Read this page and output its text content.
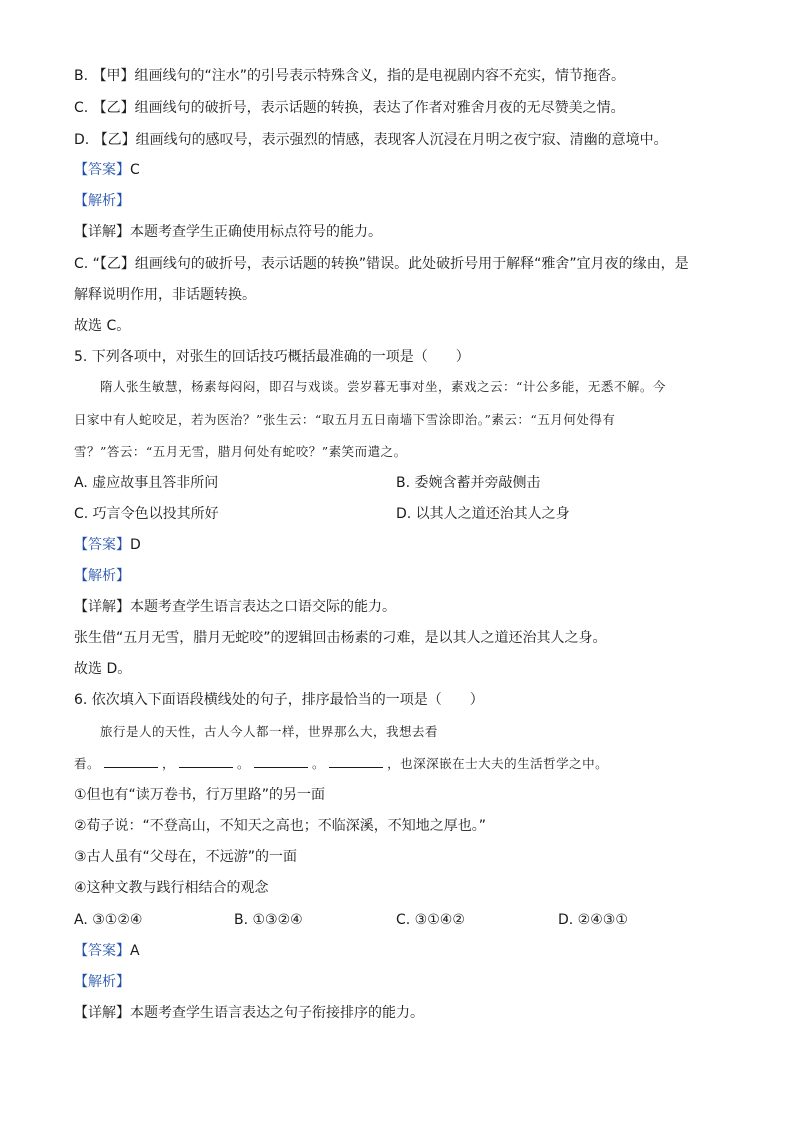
B. 【甲】组画线句的“注水”的引号表示特殊含义，指的是电视剧内容不充实，情节拖沓。
C. 【乙】组画线句的破折号，表示话题的转换，表达了作者对雅舍月夜的无尽赞美之情。
D. 【乙】组画线句的感叹号，表示强烈的情感，表现客人沉浸在月明之夜宁寂、清幽的意境中。
【答案】C
【解析】
【详解】本题考查学生正确使用标点符号的能力。
C. “【乙】组画线句的破折号，表示话题的转换”错误。此处破折号用于解释“雅舍”宜月夜的缘由，是
解释说明作用，非话题转换。
故选 C。
5. 下列各项中，对张生的回话技巧概括最准确的一项是（　　）
隋人张生敏慧，杨素每闷闷，即召与戏谈。尝岁暮无事对坐，素戏之云：“计公多能，无悉不解。今
日家中有人蛇咬足，若为医治？”张生云：“取五月五日南墙下雪涂即治。”素云：“五月何处得有
雪？”答云：“五月无雪，腊月何处有蛇咬？”素笑而遣之。
A. 虚应故事且答非所问	B. 委婉含蓄并旁敲侧击
C. 巧言令色以投其所好	D. 以其人之道还治其人之身
【答案】D
【解析】
【详解】本题考查学生语言表达之口语交际的能力。
张生借“五月无雪，腊月无蛇咬”的逻辑回击杨素的刁难，是以其人之道还治其人之身。
故选 D。
6. 依次填入下面语段横线处的句子，排序最恰当的一项是（　　）
旅行是人的天性，古人今人都一样，世界那么大，我想去看
看。	，	。	。	，也深深嵌在士大夫的生活哲学之中。
①但也有“读万卷书，行万里路”的另一面
②荀子说：“不登高山，不知天之高也；不临深溪，不知地之厚也。”
③古人虽有“父母在，不远游”的一面
④这种文教与践行相结合的观念
A. ③①②④	B. ①③②④	C. ③①④②	D. ②④③①
【答案】A
【解析】
【详解】本题考查学生语言表达之句子衔接排序的能力。
